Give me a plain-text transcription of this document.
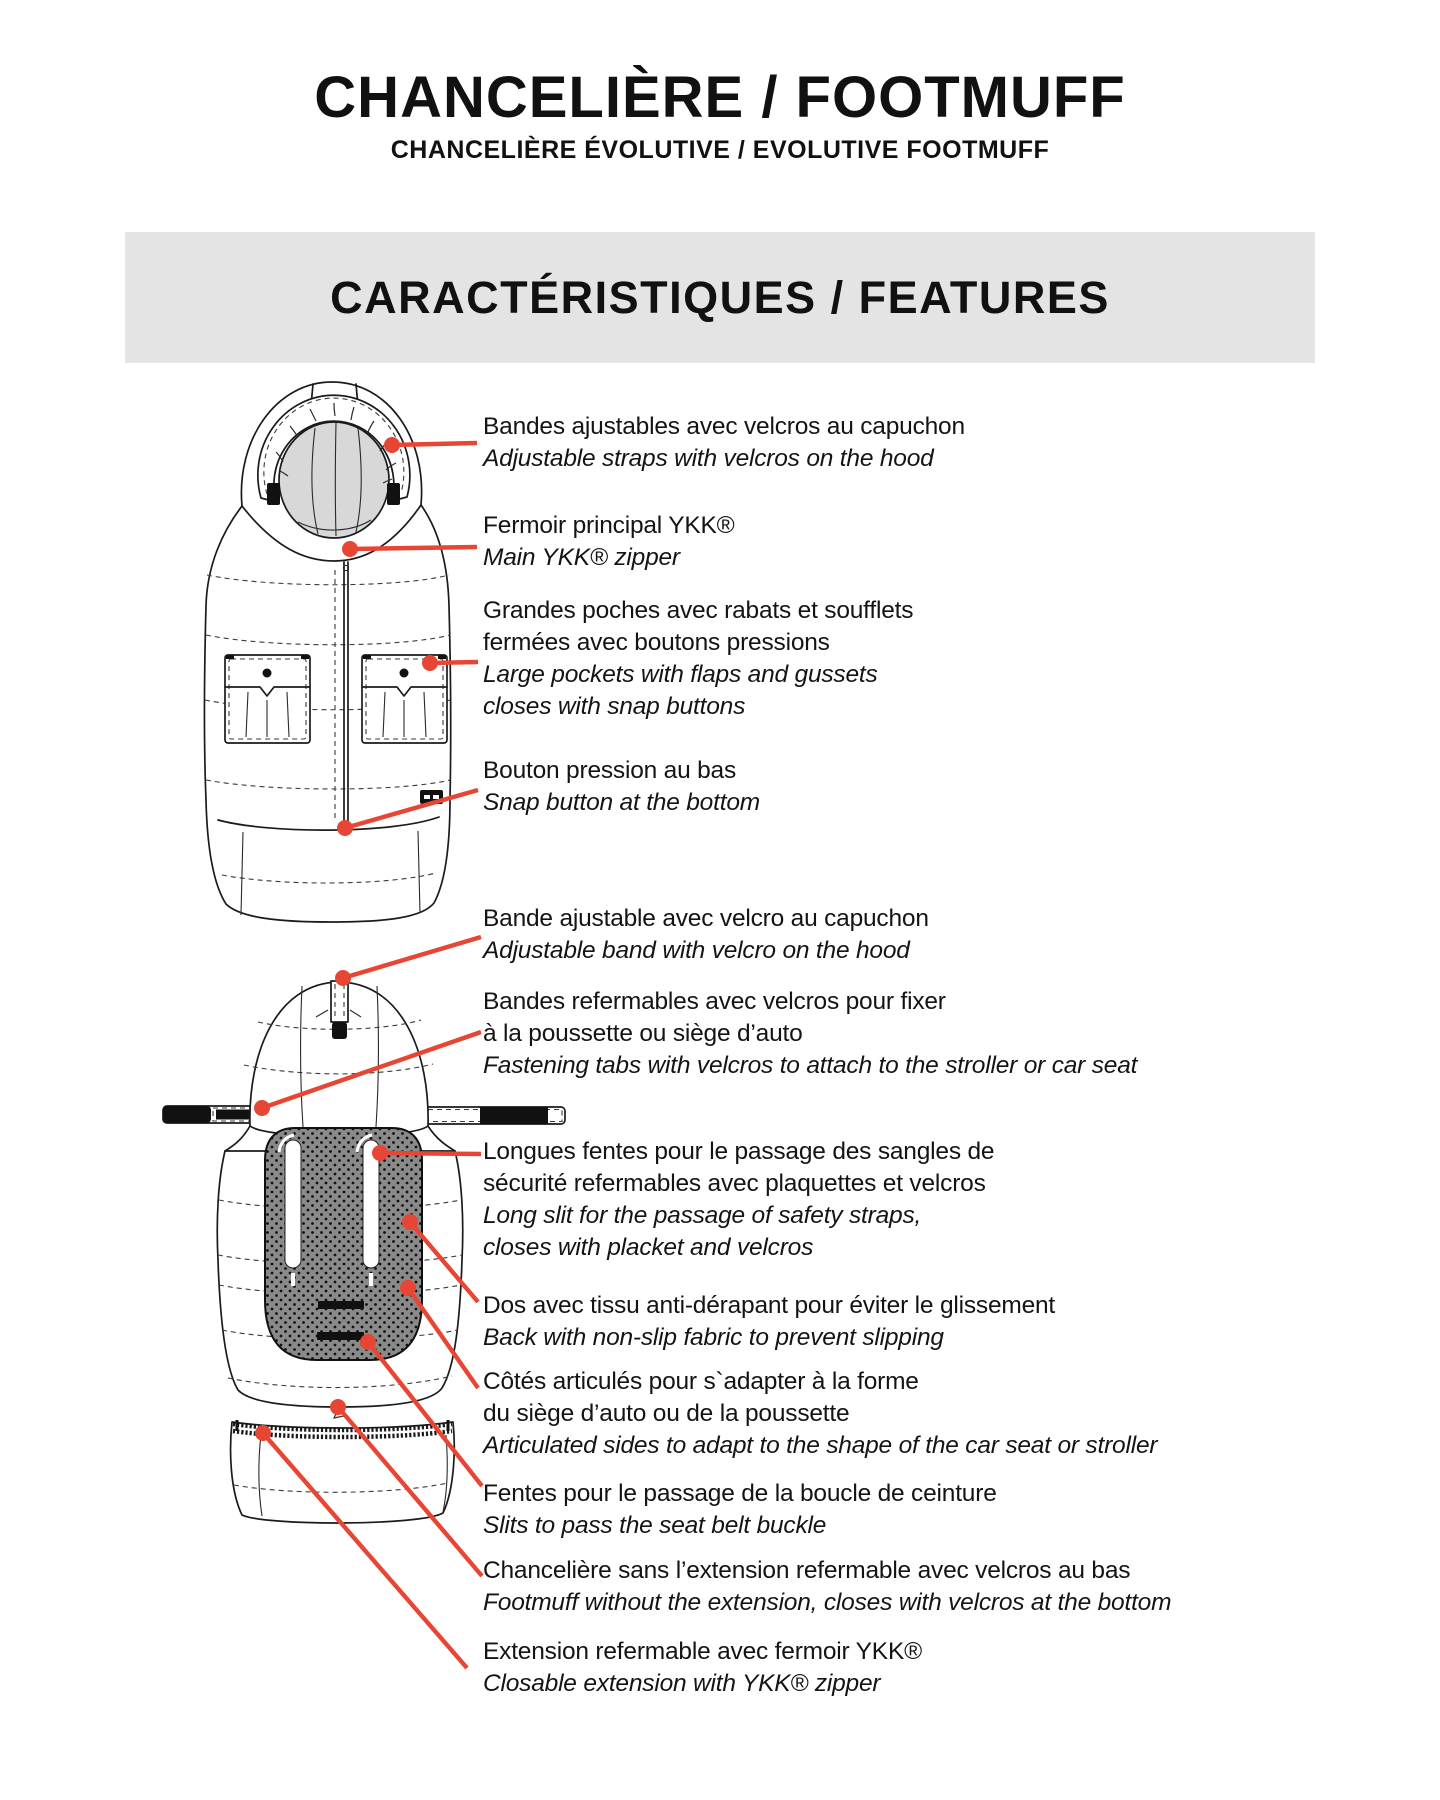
CHANCELIÈRE / FOOTMUFF
CHANCELIÈRE ÉVOLUTIVE / EVOLUTIVE FOOTMUFF
CARACTÉRISTIQUES / FEATURES
Bandes ajustables avec velcros au capuchon
Adjustable straps with velcros on the hood
Fermoir principal YKK®
Main YKK® zipper
Grandes poches avec rabats et soufflets
fermées avec boutons pressions
Large pockets with flaps and gussets
closes with snap buttons
Bouton pression au bas
Snap button at the bottom
Bande ajustable avec velcro au capuchon
Adjustable band with velcro on the hood
Bandes refermables avec velcros pour fixer
à la poussette ou siège d’auto
Fastening tabs with velcros to attach to the stroller or car seat
Longues fentes pour le passage des sangles de
sécurité refermables avec plaquettes et velcros
Long slit for the passage of safety straps,
closes with placket and velcros
Dos avec tissu anti-dérapant pour éviter le glissement
Back with non-slip fabric to prevent slipping
Côtés articulés pour s`adapter à la forme
du siège d’auto ou de la poussette
Articulated sides to adapt to the shape of the car seat or stroller
Fentes pour le passage de la boucle de ceinture
Slits to pass the seat belt buckle
Chancelière sans l’extension refermable avec velcros au bas
Footmuff without the extension, closes with velcros at the bottom
Extension refermable avec fermoir YKK®
Closable extension with YKK® zipper
